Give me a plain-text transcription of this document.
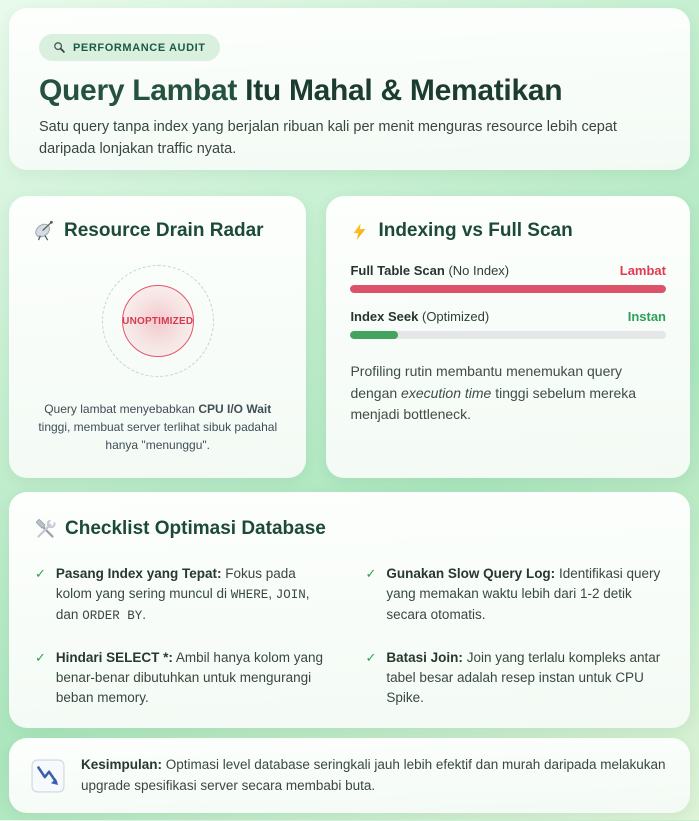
PERFORMANCE AUDIT
Query Lambat Itu Mahal & Mematikan

Satu query tanpa index yang berjalan ribuan kali per menit menguras resource lebih cepat daripada lonjakan traffic nyata.

Resource Drain Radar
UNOPTIMIZED

Query lambat menyebabkan CPU I/O Wait tinggi, membuat server terlihat sibuk padahal hanya "menunggu".

Indexing vs Full Scan
Full Table Scan (No Index)	Lambat
Index Seek (Optimized)	Instan

Profiling rutin membantu menemukan query dengan execution time tinggi sebelum mereka menjadi bottleneck.

Checklist Optimasi Database
✓ Pasang Index yang Tepat: Fokus pada kolom yang sering muncul di WHERE, JOIN, dan ORDER BY.

✓ Gunakan Slow Query Log: Identifikasi query yang memakan waktu lebih dari 1-2 detik secara otomatis.

✓ Hindari SELECT *: Ambil hanya kolom yang benar-benar dibutuhkan untuk mengurangi beban memory.

✓ Batasi Join: Join yang terlalu kompleks antar tabel besar adalah resep instan untuk CPU Spike.

Kesimpulan: Optimasi level database seringkali jauh lebih efektif dan murah daripada melakukan upgrade spesifikasi server secara membabi buta.
